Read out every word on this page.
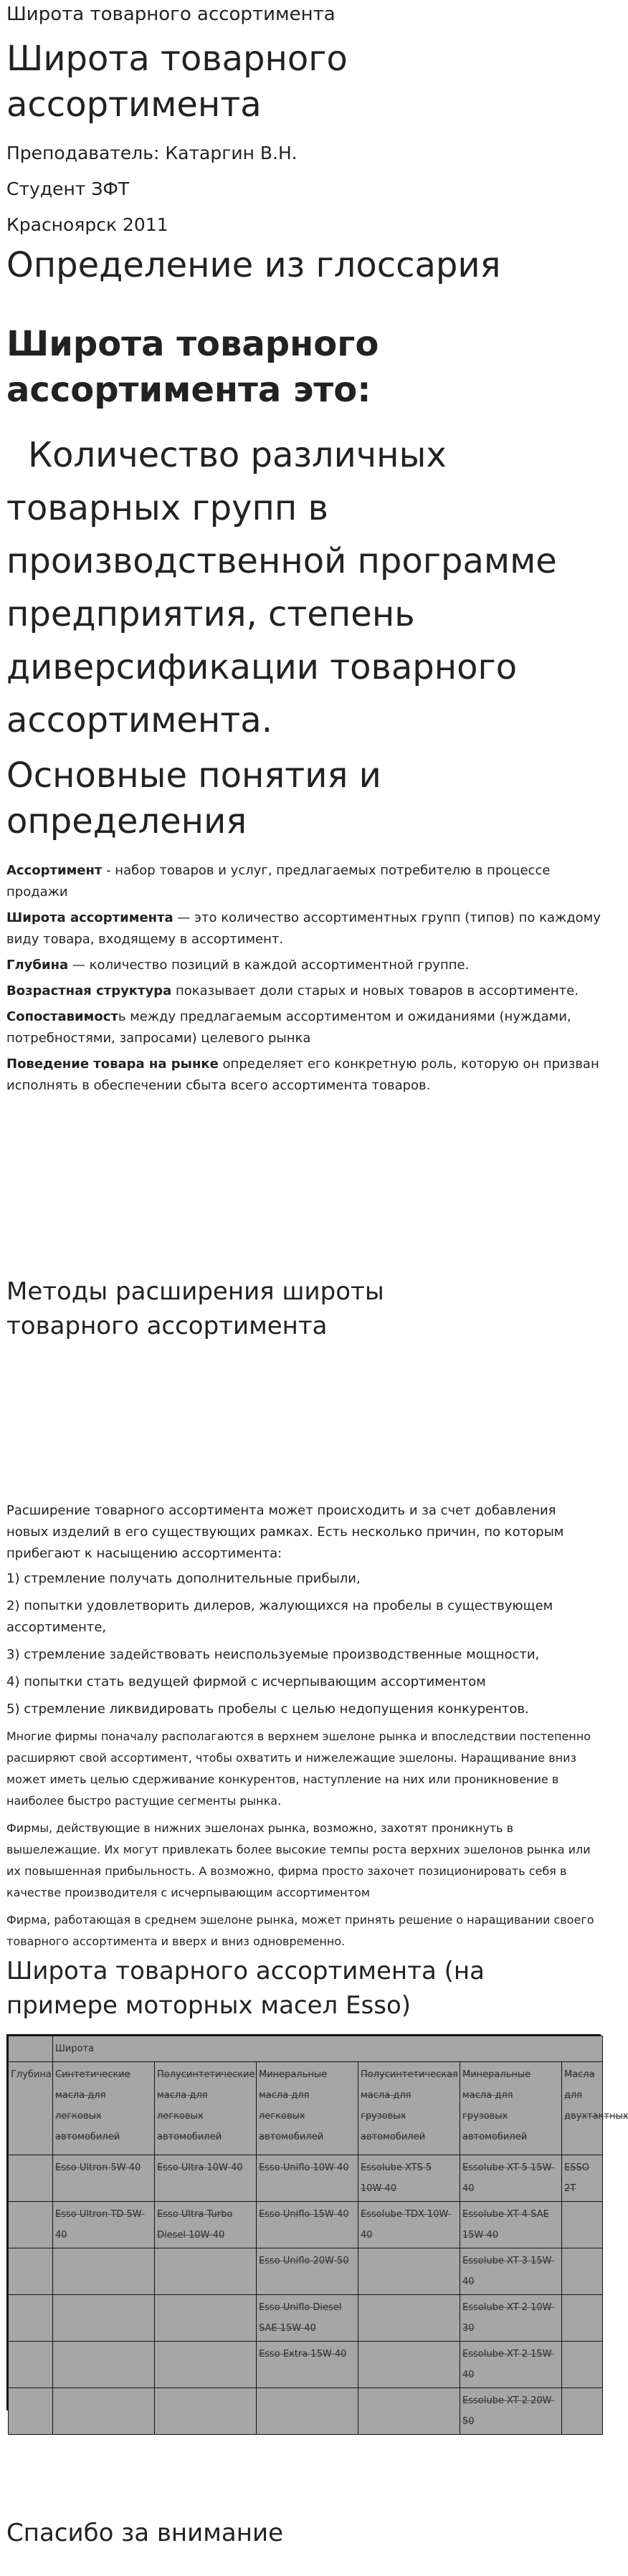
Широта товарного ассортимента
Широта товарного ассортимента
Преподаватель: Катаргин В.Н.
Студент ЗФТ
Красноярск 2011
Определение из глоссария
Широта товарного ассортимента это:
Количество различных товарных групп в производственной программе предприятия, степень диверсификации товарного ассортимента.
Основные понятия и определения
Ассортимент - набор товаров и услуг, предлагаемых потребителю в процессе продажи
Широта ассортимента — это количество ассортиментных групп (типов) по каждому виду товара, входящему в ассортимент.
Глубина — количество позиций в каждой ассортиментной группе.
Возрастная структура показывает доли старых и новых товаров в ассортименте.
Сопоставимость между предлагаемым ассортиментом и ожиданиями (нуждами, потребностями, запросами) целевого рынка
Поведение товара на рынке определяет его конкретную роль, которую он призван исполнять в обеспечении сбыта всего ассортимента товаров.
Методы расширения широты товарного ассортимента
Расширение товарного ассортимента может происходить и за счет добавления новых изделий в его существующих рамках. Есть несколько причин, по которым прибегают к насыщению ассортимента:
1) стремление получать дополнительные прибыли,
2) попытки удовлетворить дилеров, жалующихся на пробелы в существующем ассортименте,
3) стремление задействовать неиспользуемые производственные мощности,
4) попытки стать ведущей фирмой с исчерпывающим ассортиментом
5) стремление ликвидировать пробелы с целью недопущения конкурентов.
Многие фирмы поначалу располагаются в верхнем эшелоне рынка и впоследствии постепенно расширяют свой ассортимент, чтобы охватить и нижележащие эшелоны. Наращивание вниз может иметь целью сдерживание конкурентов, наступление на них или проникновение в наиболее быстро растущие сегменты рынка.
Фирмы, действующие в нижних эшелонах рынка, возможно, захотят проникнуть в вышележащие. Их могут привлекать более высокие темпы роста верхних эшелонов рынка или их повышенная прибыльность. А возможно, фирма просто захочет позиционировать себя в качестве производителя с исчерпывающим ассортиментом
Фирма, работающая в среднем эшелоне рынка, может принять решение о наращивании своего товарного ассортимента и вверх и вниз одновременно.
Широта товарного ассортимента (на примере моторных масел Esso)
	Широта					
Глубина	Синтетические масла для легковых автомобилей	Полусинтетические масла для легковых автомобилей	Минеральные масла для легковых автомобилей	Полусинтетическая масла для грузовых автомобилей	Минеральные масла для грузовых автомобилей	Масла для двухтактных
	Esso Ultron 5W-40	Esso Ultra 10W-40	Esso Uniflo 10W-40	Essolube XTS 5 10W-40	Essolube XT 5 15W-40	ESSO 2T
	Esso Ultron TD 5W-40	Esso Ultra Turbo Diesel 10W-40	Esso Uniflo 15W-40	Essolube TDX 10W-40	Essolube XT 4 SAE 15W-40	
			Esso Uniflo 20W-50		Essolube XT 3 15W-40	
			Esso Uniflo Diesel SAE 15W-40		Essolube XT 2 10W-30	
			Esso Extra 15W-40		Essolube XT 2 15W-40	
					Essolube XT 2 20W-50	
Спасибо за внимание
